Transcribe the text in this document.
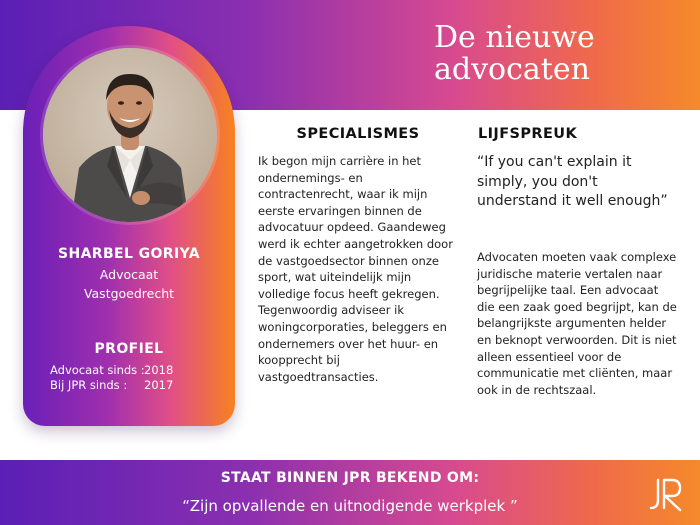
De nieuwe
advocaten
SHARBEL GORIYA
Advocaat
Vastgoedrecht
PROFIEL
Advocaat sinds :2018
Bij JPR sinds : 2017
SPECIALISMES
Ik begon mijn carrière in het ondernemings- en contractenrecht, waar ik mijn eerste ervaringen binnen de advocatuur opdeed. Gaandeweg werd ik echter aangetrokken door de vastgoedsector binnen onze sport, wat uiteindelijk mijn volledige focus heeft gekregen. Tegenwoordig adviseer ik woningcorporaties, beleggers en ondernemers over het huur- en koopprecht bij vastgoedtransacties.
LIJFSPREUK
“If you can't explain it simply, you don't understand it well enough”
Advocaten moeten vaak complexe juridische materie vertalen naar begrijpelijke taal. Een advocaat die een zaak goed begrijpt, kan de belangrijkste argumenten helder en beknopt verwoorden. Dit is niet alleen essentieel voor de communicatie met cliënten, maar ook in de rechtszaal.
STAAT BINNEN JPR BEKEND OM:
“Zijn opvallende en uitnodigende werkplek ”
